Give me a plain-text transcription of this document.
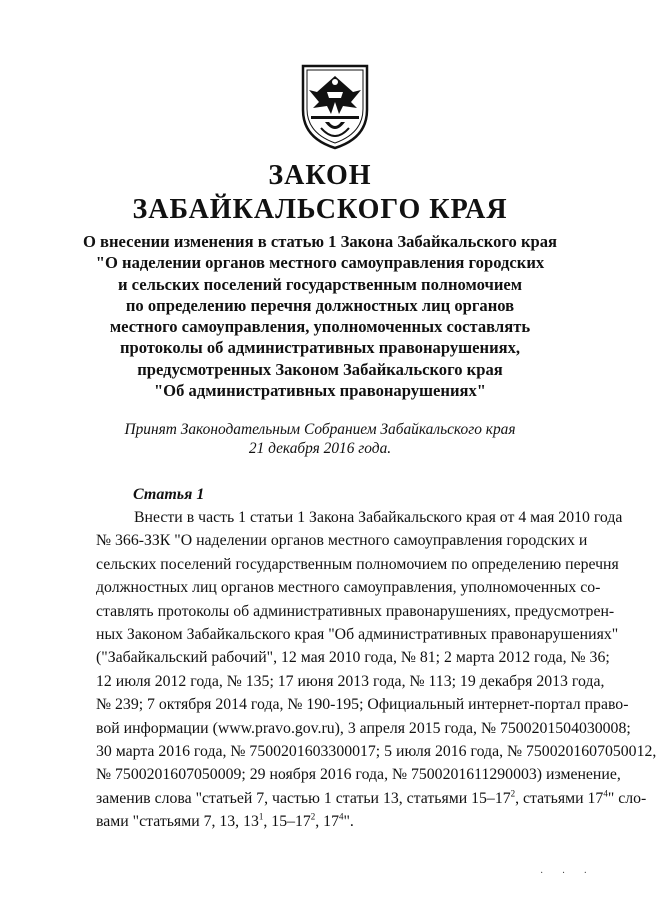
ЗАКОН
ЗАБАЙКАЛЬСКОГО КРАЯ
О внесении изменения в статью 1 Закона Забайкальского края
"О наделении органов местного самоуправления городских
и сельских поселений государственным полномочием
по определению перечня должностных лиц органов
местного самоуправления, уполномоченных составлять
протоколы об административных правонарушениях,
предусмотренных Законом Забайкальского края
"Об административных правонарушениях"
Принят Законодательным Собранием Забайкальского края
21 декабря 2016 года.
Статья 1
Внести в часть 1 статьи 1 Закона Забайкальского края от 4 мая 2010 года
№ 366-ЗЗК "О наделении органов местного самоуправления городских и
сельских поселений государственным полномочием по определению перечня
должностных лиц органов местного самоуправления, уполномоченных со-
ставлять протоколы об административных правонарушениях, предусмотрен-
ных Законом Забайкальского края "Об административных правонарушениях"
("Забайкальский рабочий", 12 мая 2010 года, № 81; 2 марта 2012 года, № 36;
12 июля 2012 года, № 135; 17 июня 2013 года, № 113; 19 декабря 2013 года,
№ 239; 7 октября 2014 года, № 190-195; Официальный интернет-портал право-
вой информации (www.pravo.gov.ru), 3 апреля 2015 года, № 7500201504030008;
30 марта 2016 года, № 7500201603300017; 5 июля 2016 года, № 7500201607050012,
№ 7500201607050009; 29 ноября 2016 года, № 7500201611290003) изменение,
заменив слова "статьей 7, частью 1 статьи 13, статьями $15-17^2$, статьями $17^4$" сло-
вами "статьями 7, 13, $13^1$, $15-17^2$, $17^4$".
· · ·
